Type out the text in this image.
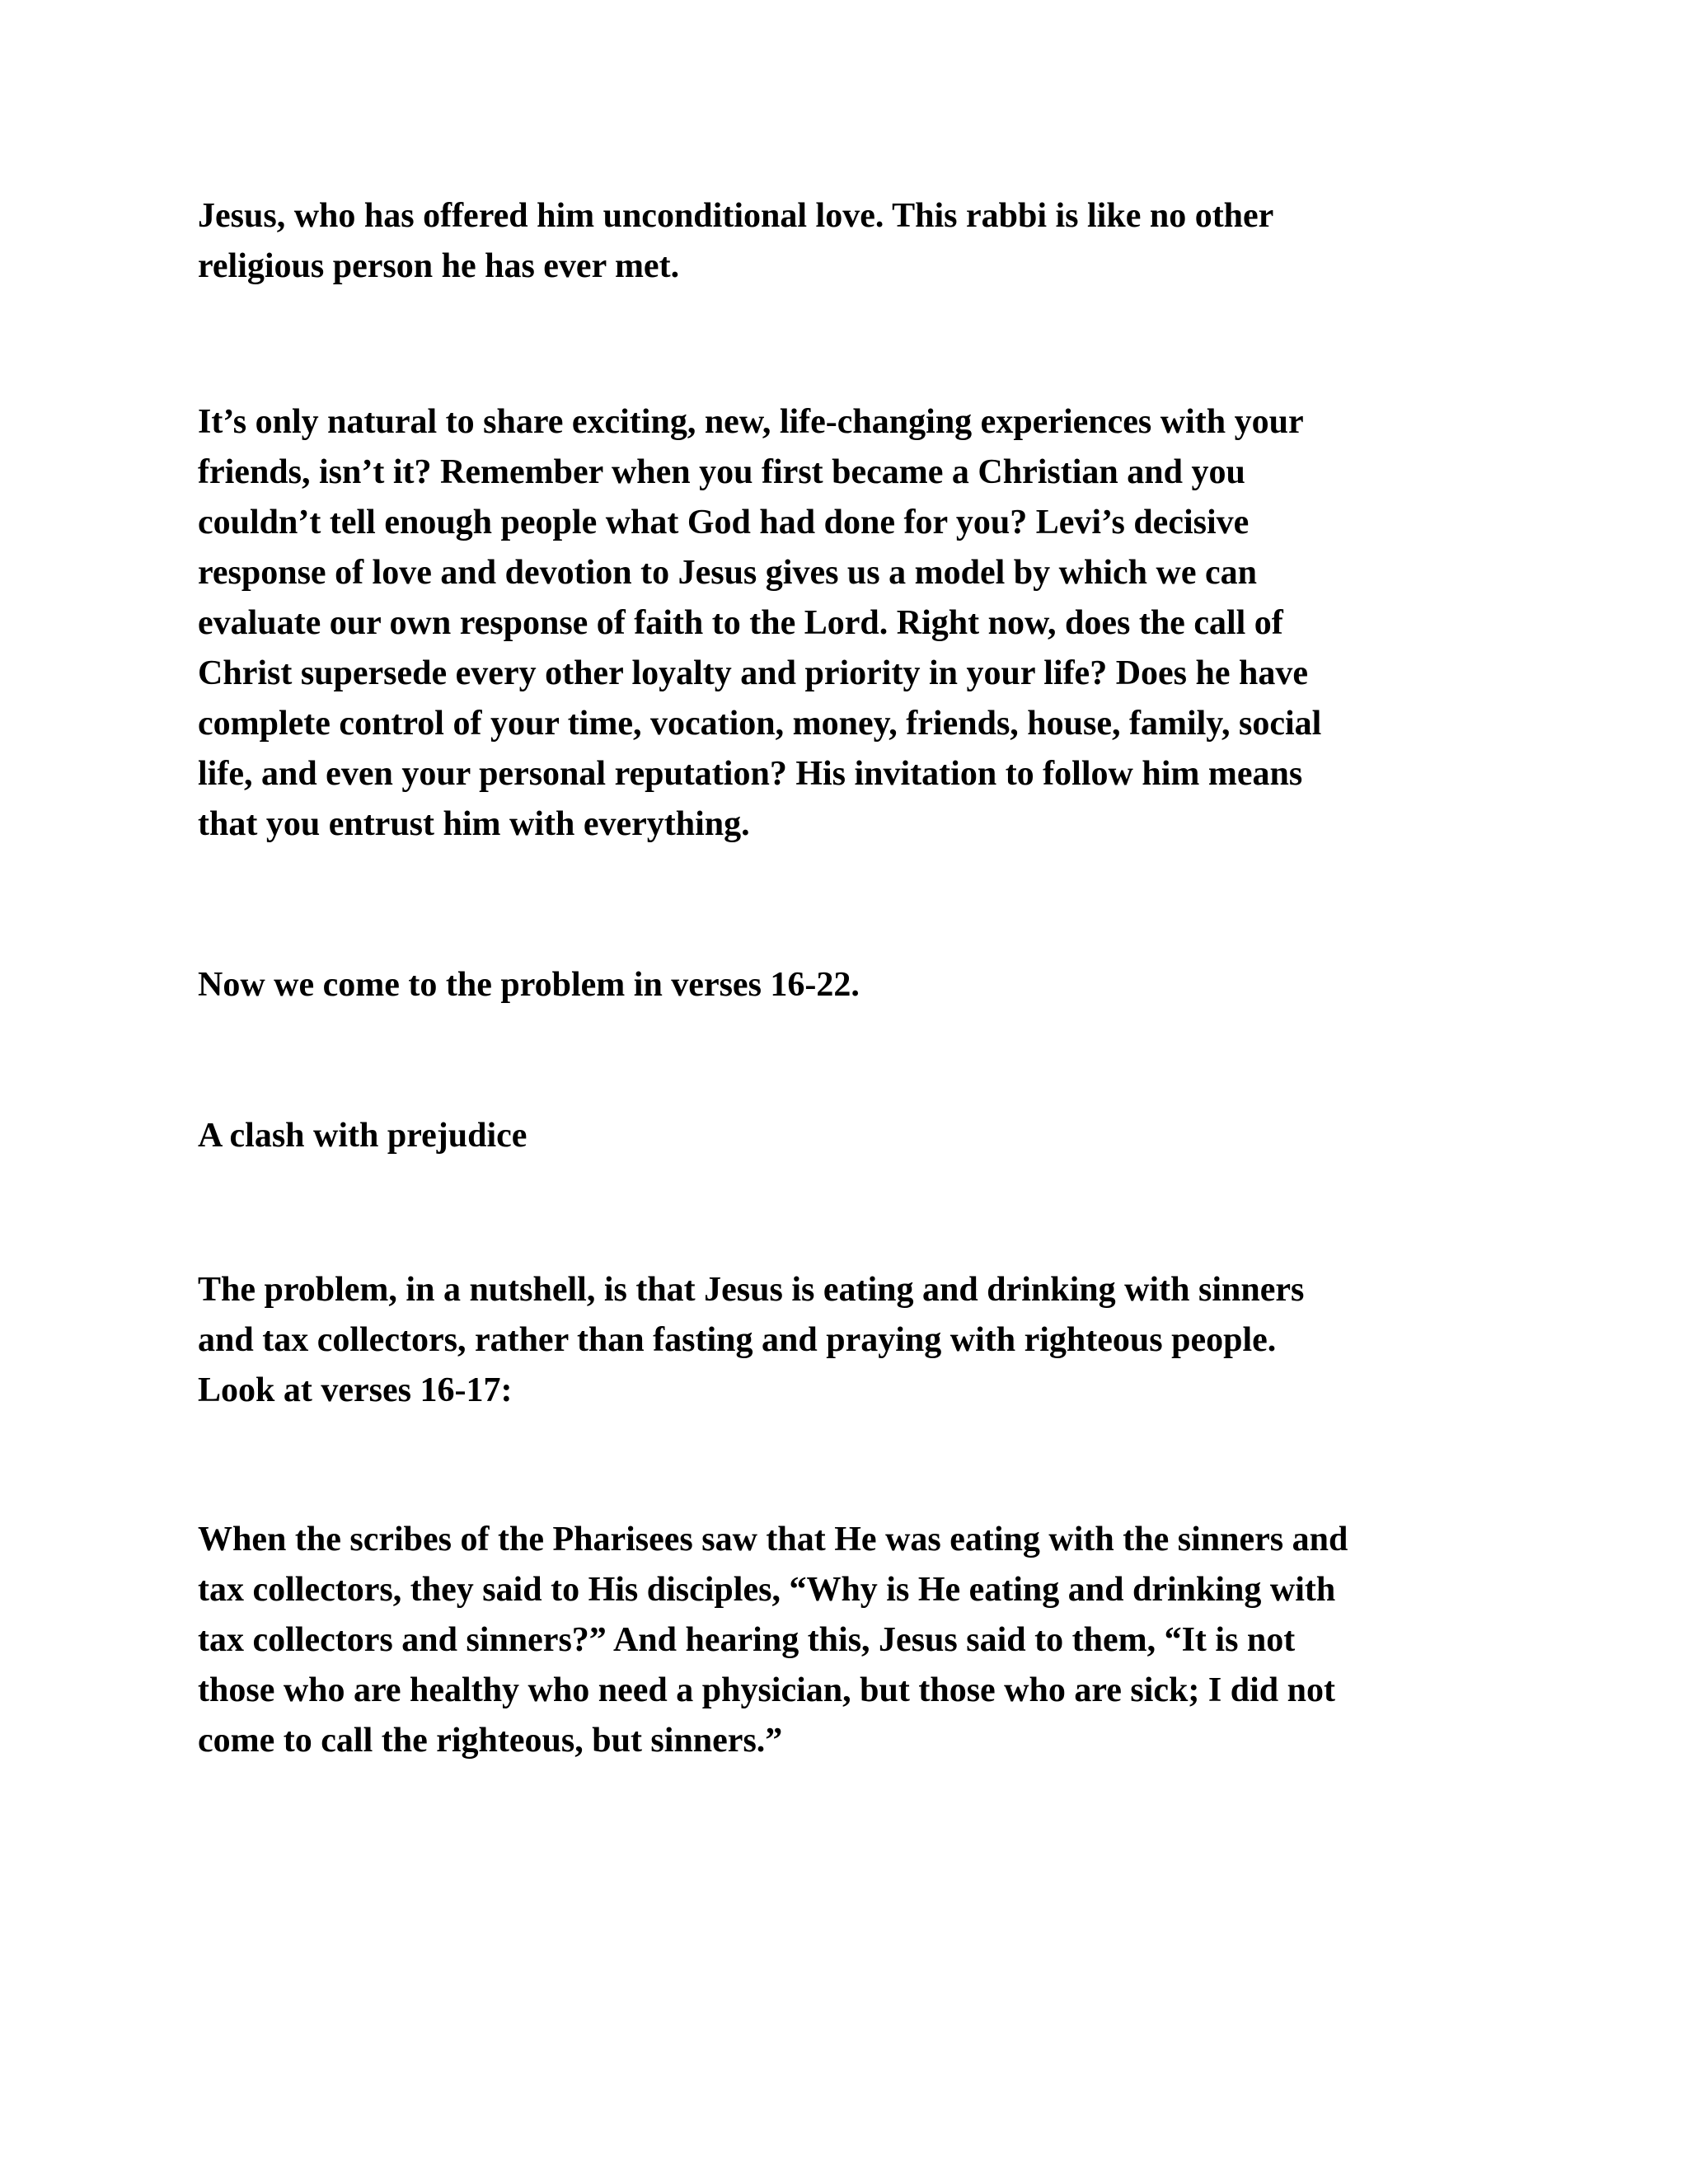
Jesus, who has offered him unconditional love. This rabbi is like no other
religious person he has ever met.

It’s only natural to share exciting, new, life-changing experiences with your
friends, isn’t it? Remember when you first became a Christian and you
couldn’t tell enough people what God had done for you? Levi’s decisive
response of love and devotion to Jesus gives us a model by which we can
evaluate our own response of faith to the Lord. Right now, does the call of
Christ supersede every other loyalty and priority in your life? Does he have
complete control of your time, vocation, money, friends, house, family, social
life, and even your personal reputation? His invitation to follow him means
that you entrust him with everything.

Now we come to the problem in verses 16-22.

A clash with prejudice

The problem, in a nutshell, is that Jesus is eating and drinking with sinners
and tax collectors, rather than fasting and praying with righteous people.
Look at verses 16-17:

When the scribes of the Pharisees saw that He was eating with the sinners and
tax collectors, they said to His disciples, “Why is He eating and drinking with
tax collectors and sinners?” And hearing this, Jesus said to them, “It is not
those who are healthy who need a physician, but those who are sick; I did not
come to call the righteous, but sinners.”
